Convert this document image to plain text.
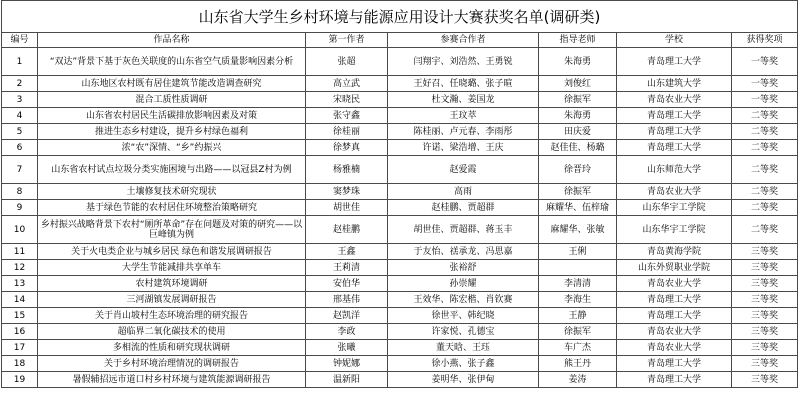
山东省大学生乡村环境与能源应用设计大赛获奖名单(调研类)						
编号	作品名称	第一作者	参赛合作者	指导老师	学校	获得奖项
1	“双达”背景下基于灰色关联度的山东省空气质量影响因素分析	张超	闫翔宇、刘浩然、王勇锐	朱海勇	青岛理工大学	一等奖
2	山东地区农村既有居住建筑节能改造调查研究	高立武	王好召、任晓璐、张子暄	刘俊红	山东建筑大学	一等奖
3	混合工质性质调研	宋晓民	杜文瀚、姜国龙	徐振军	青岛农业大学	一等奖
4	山东省农村居民生活碳排放影响因素及对策	张守鑫	王玟萃	朱海勇	青岛理工大学	二等奖
5	推进生态乡村建设，提升乡村绿色福利	徐桂丽	陈桂丽、卢元春、李雨彤	田庆爱	青岛理工大学	二等奖
6	浓“农”深情、“乡”约振兴	徐梦真	许诺、梁浩增、王庆	赵佳佳、杨璐	青岛理工大学	二等奖
7	山东省农村试点垃圾分类实施困境与出路——以冠县Z村为例	杨雅楠	赵爱霞	徐晋玲	山东师范大学	二等奖
8	土壤修复技术研究现状	窦梦珠	高雨	徐振军	青岛农业大学	二等奖
9	基于绿色节能的农村居住环境整治策略研究	胡世佳	赵桂鹏、贾超群	麻耀华、伍梓瑜	山东华宇工学院	二等奖
10	乡村振兴战略背景下农村“厕所革命”存在问题及对策的研究——以巨峰镇为例	赵桂鹏	胡世佳、贾超群、蒋玉丰	麻耀华、张敏	山东华宇工学院	二等奖
11	关于火电类企业与城乡居民 绿色和谐发展调研报告	王鑫	于友怡、禚承龙、冯思嘉	王俐	青岛黄海学院	三等奖
12	大学生节能减排共享单车	王莉清	张裕舒		山东外贸职业学院	三等奖
13	农村建筑环境调研	安伯华	孙崇耀	李清清	青岛农业大学	三等奖
14	三河湖镇发展调研报告	邢基伟	王效华、陈宏楷、肖钦赛	李海生	青岛理工大学	三等奖
15	关于肖山坡村生态环境治理的研究报告	赵凯洋	徐世平、韩纪晓	王静	青岛理工大学	三等奖
16	超临界二氧化碳技术的使用	李政	许家悦、孔德宝	徐振军	青岛农业大学	三等奖
17	多相流的性质和研究现状调研	张曦	董天晗、王珏	车广杰	青岛农业大学	三等奖
18	关于乡村环境治理情况的调研报告	钟妮娜	徐小燕、张子鑫	熊王丹	青岛理工大学	三等奖
19	暑假辅招远市道口村乡村环境与建筑能源调研报告	温新阳	姜明华、张伊甸	姜涛	青岛理工大学	三等奖
